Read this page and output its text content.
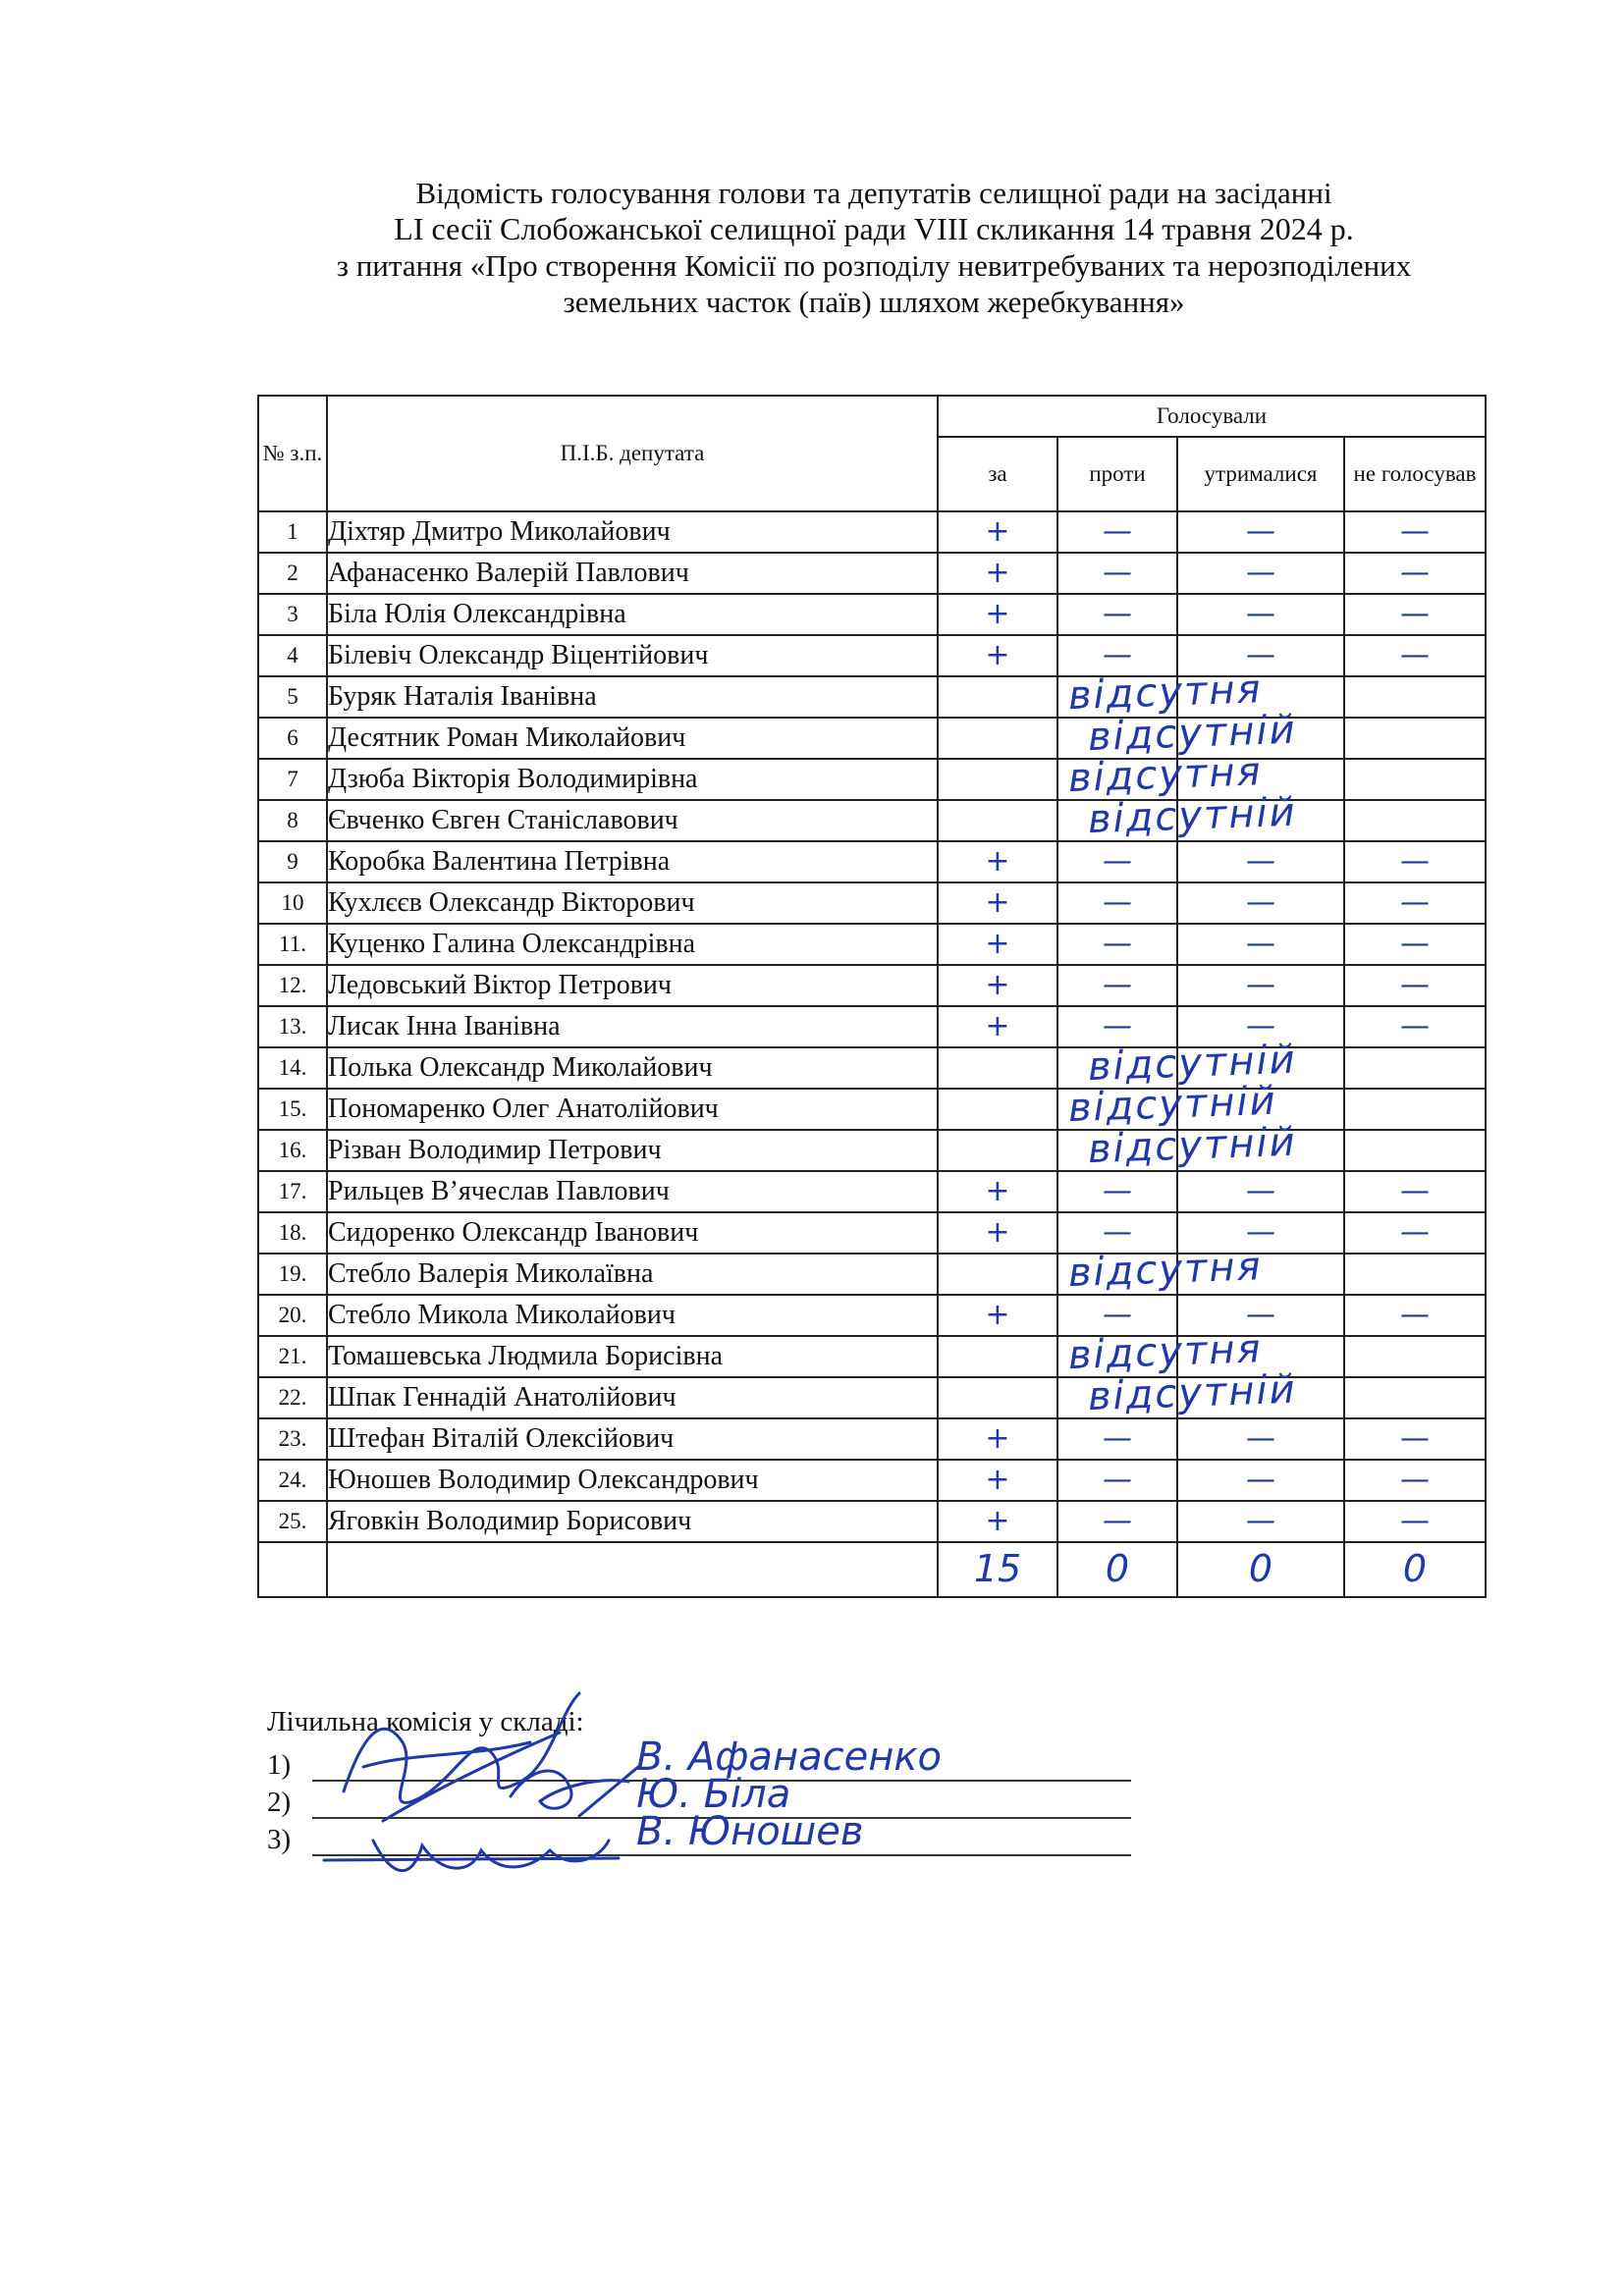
Відомість голосування голови та депутатів селищної ради на засіданні
LI сесії Слобожанської селищної ради VIII скликання 14 травня 2024 р.
з питання «Про створення Комісії по розподілу невитребуваних та нерозподілених
земельних часток (паїв) шляхом жеребкування»
№ з.п.	П.І.Б. депутата	Голосували			
		за	проти	утрималися	не голосував
1	Діхтяр Дмитро Миколайович	+	—	—	—
2	Афанасенко Валерій Павлович	+	—	—	—
3	Біла Юлія Олександрівна	+	—	—	—
4	Білевіч Олександр Віцентійович	+	—	—	—
5	Буряк Наталія Іванівна		відсутня		

6	Десятник Роман Миколайович		відсутній		

7	Дзюба Вікторія Володимирівна		відсутня		

8	Євченко Євген Станіславович		відсутній		

9	Коробка Валентина Петрівна	+	—	—	—
10	Кухлєєв Олександр Вікторович	+	—	—	—
11.	Куценко Галина Олександрівна	+	—	—	—
12.	Ледовський Віктор Петрович	+	—	—	—
13.	Лисак Інна Іванівна	+	—	—	—
14.	Полька Олександр Миколайович		відсутній		

15.	Пономаренко Олег Анатолійович		відсутній		

16.	Різван Володимир Петрович		відсутній		

17.	Рильцев В’ячеслав Павлович	+	—	—	—
18.	Сидоренко Олександр Іванович	+	—	—	—
19.	Стебло Валерія Миколаївна		відсутня		

20.	Стебло Микола Миколайович	+	—	—	—
21.	Томашевська Людмила Борисівна		відсутня		

22.	Шпак Геннадій Анатолійович		відсутній		

23.	Штефан Віталій Олексійович	+	—	—	—
24.	Юношев Володимир Олександрович	+	—	—	—
25.	Яговкін Володимир Борисович	+	—	—	—
		15	0	0	0
Лічильна комісія у складі:
1)	В. Афанасенко
2)	Ю. Біла
3)	В. Юношев
